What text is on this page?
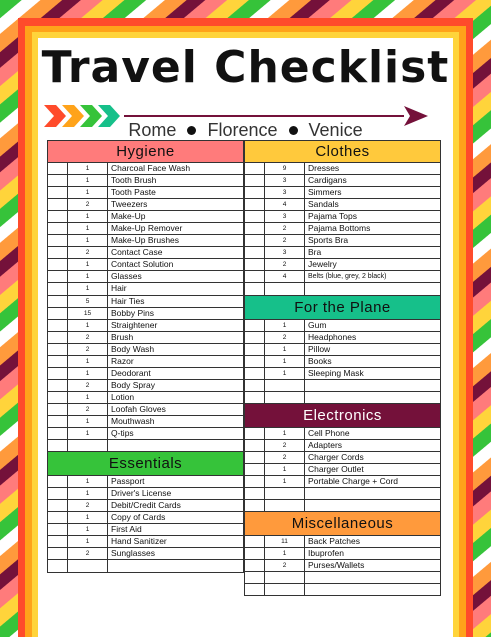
Travel Checklist
Rome Florence Venice
Hygiene
1	Charcoal Face Wash
1	Tooth Brush
1	Tooth Paste
2	Tweezers
1	Make-Up
1	Make-Up Remover
1	Make-Up Brushes
2	Contact Case
1	Contact Solution
1	Glasses
1	Hair
5	Hair Ties
15	Bobby Pins
1	Straightener
2	Brush
2	Body Wash
1	Razor
1	Deodorant
2	Body Spray
1	Lotion
2	Loofah Gloves
1	Mouthwash
1	Q-tips
Essentials
1	Passport
1	Driver's License
2	Debit/Credit Cards
1	Copy of Cards
1	First Aid
1	Hand Sanitizer
2	Sunglasses
Clothes
9	Dresses
3	Cardigans
3	Simmers
4	Sandals
3	Pajama Tops
2	Pajama Bottoms
2	Sports Bra
3	Bra
2	Jewelry
4	Belts (blue, grey, 2 black)
For the Plane
1	Gum
2	Headphones
1	Pillow
1	Books
1	Sleeping Mask
Electronics
1	Cell Phone
2	Adapters
2	Charger Cords
1	Charger Outlet
1	Portable Charge + Cord
Miscellaneous
11	Back Patches
1	Ibuprofen
2	Purses/Wallets
